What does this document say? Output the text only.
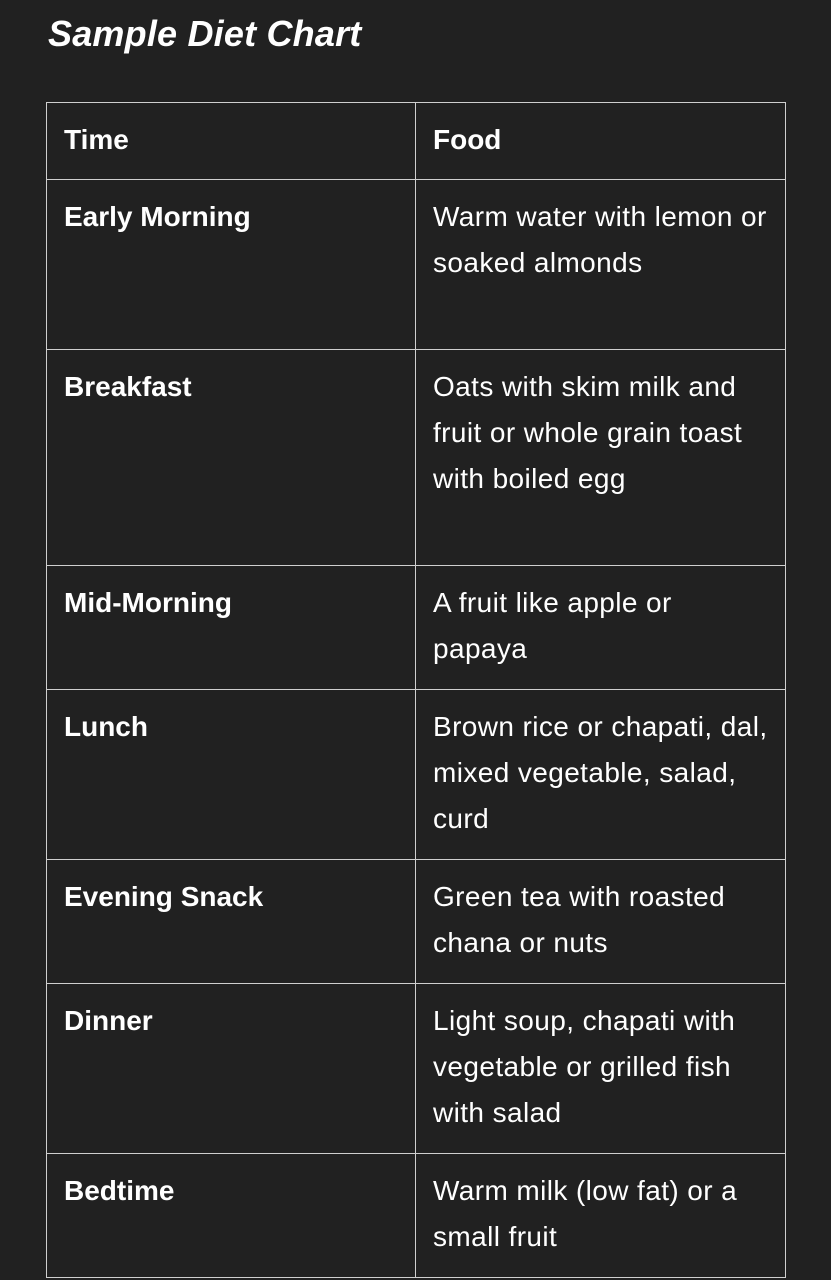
Sample Diet Chart
Time	Food
Early Morning	Warm water with lemon or soaked almonds
Breakfast	Oats with skim milk and fruit or whole grain toast with boiled egg
Mid-Morning	A fruit like apple or papaya
Lunch	Brown rice or chapati, dal, mixed vegetable, salad, curd
Evening Snack	Green tea with roasted chana or nuts
Dinner	Light soup, chapati with vegetable or grilled fish with salad
Bedtime	Warm milk (low fat) or a small fruit
